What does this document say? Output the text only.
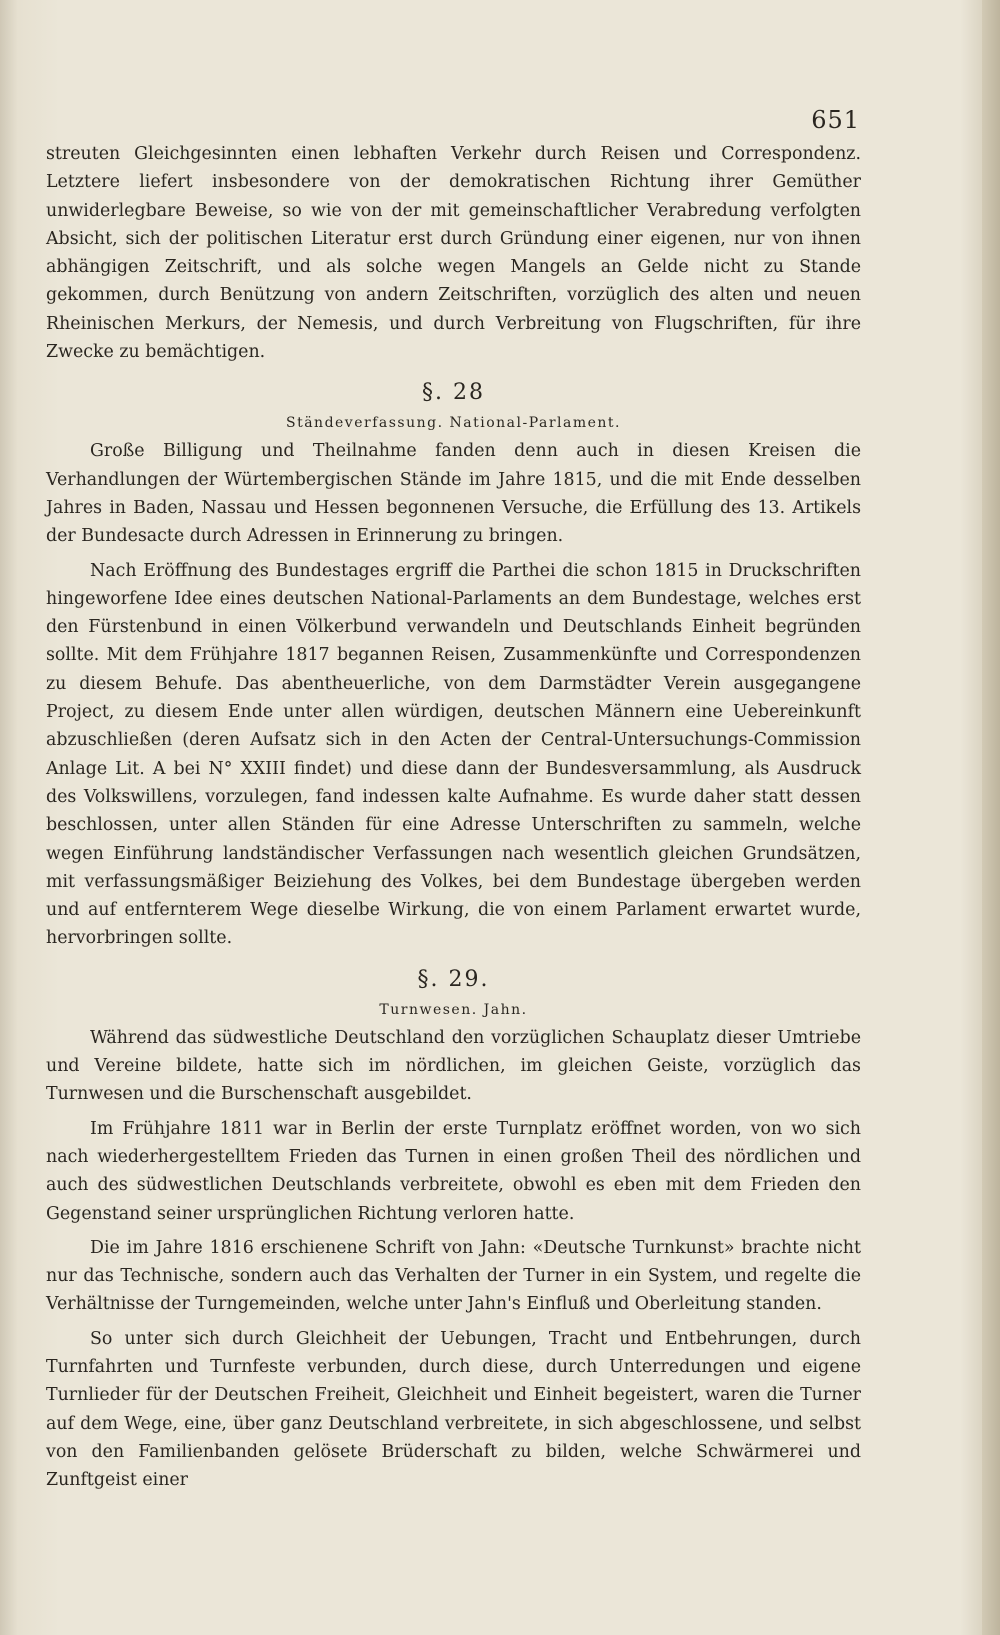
651

streuten Gleichgesinnten einen lebhaften Verkehr durch Reisen und Correspondenz. Letztere liefert insbesondere von der demokratischen Richtung ihrer Gemüther unwiderlegbare Beweise, so wie von der mit gemeinschaftlicher Verabredung verfolgten Absicht, sich der politischen Literatur erst durch Gründung einer eigenen, nur von ihnen abhängigen Zeitschrift, und als solche wegen Mangels an Gelde nicht zu Stande gekommen, durch Benützung von andern Zeitschriften, vorzüglich des alten und neuen Rheinischen Merkurs, der Nemesis, und durch Verbreitung von Flugschriften, für ihre Zwecke zu bemächtigen.

§. 28
Ständeverfassung. National-Parlament.

Große Billigung und Theilnahme fanden denn auch in diesen Kreisen die Verhandlungen der Würtembergischen Stände im Jahre 1815, und die mit Ende desselben Jahres in Baden, Nassau und Hessen begonnenen Versuche, die Erfüllung des 13. Artikels der Bundesacte durch Adressen in Erinnerung zu bringen.

Nach Eröffnung des Bundestages ergriff die Parthei die schon 1815 in Druckschriften hingeworfene Idee eines deutschen National-Parlaments an dem Bundestage, welches erst den Fürstenbund in einen Völkerbund verwandeln und Deutschlands Einheit begründen sollte. Mit dem Frühjahre 1817 begannen Reisen, Zusammenkünfte und Correspondenzen zu diesem Behufe. Das abentheuerliche, von dem Darmstädter Verein ausgegangene Project, zu diesem Ende unter allen würdigen, deutschen Männern eine Uebereinkunft abzuschließen (deren Aufsatz sich in den Acten der Central-Untersuchungs-Commission Anlage Lit. A bei N° XXIII findet) und diese dann der Bundesversammlung, als Ausdruck des Volkswillens, vorzulegen, fand indessen kalte Aufnahme. Es wurde daher statt dessen beschlossen, unter allen Ständen für eine Adresse Unterschriften zu sammeln, welche wegen Einführung landständischer Verfassungen nach wesentlich gleichen Grundsätzen, mit verfassungsmäßiger Beiziehung des Volkes, bei dem Bundestage übergeben werden und auf entfernterem Wege dieselbe Wirkung, die von einem Parlament erwartet wurde, hervorbringen sollte.

§. 29.
Turnwesen. Jahn.

Während das südwestliche Deutschland den vorzüglichen Schauplatz dieser Umtriebe und Vereine bildete, hatte sich im nördlichen, im gleichen Geiste, vorzüglich das Turnwesen und die Burschenschaft ausgebildet.

Im Frühjahre 1811 war in Berlin der erste Turnplatz eröffnet worden, von wo sich nach wiederhergestelltem Frieden das Turnen in einen großen Theil des nördlichen und auch des südwestlichen Deutschlands verbreitete, obwohl es eben mit dem Frieden den Gegenstand seiner ursprünglichen Richtung verloren hatte.

Die im Jahre 1816 erschienene Schrift von Jahn: «Deutsche Turnkunst» brachte nicht nur das Technische, sondern auch das Verhalten der Turner in ein System, und regelte die Verhältnisse der Turngemeinden, welche unter Jahn's Einfluß und Oberleitung standen.

So unter sich durch Gleichheit der Uebungen, Tracht und Entbehrungen, durch Turnfahrten und Turnfeste verbunden, durch diese, durch Unterredungen und eigene Turnlieder für der Deutschen Freiheit, Gleichheit und Einheit begeistert, waren die Turner auf dem Wege, eine, über ganz Deutschland verbreitete, in sich abgeschlossene, und selbst von den Familienbanden gelösete Brüderschaft zu bilden, welche Schwärmerei und Zunftgeist einer
